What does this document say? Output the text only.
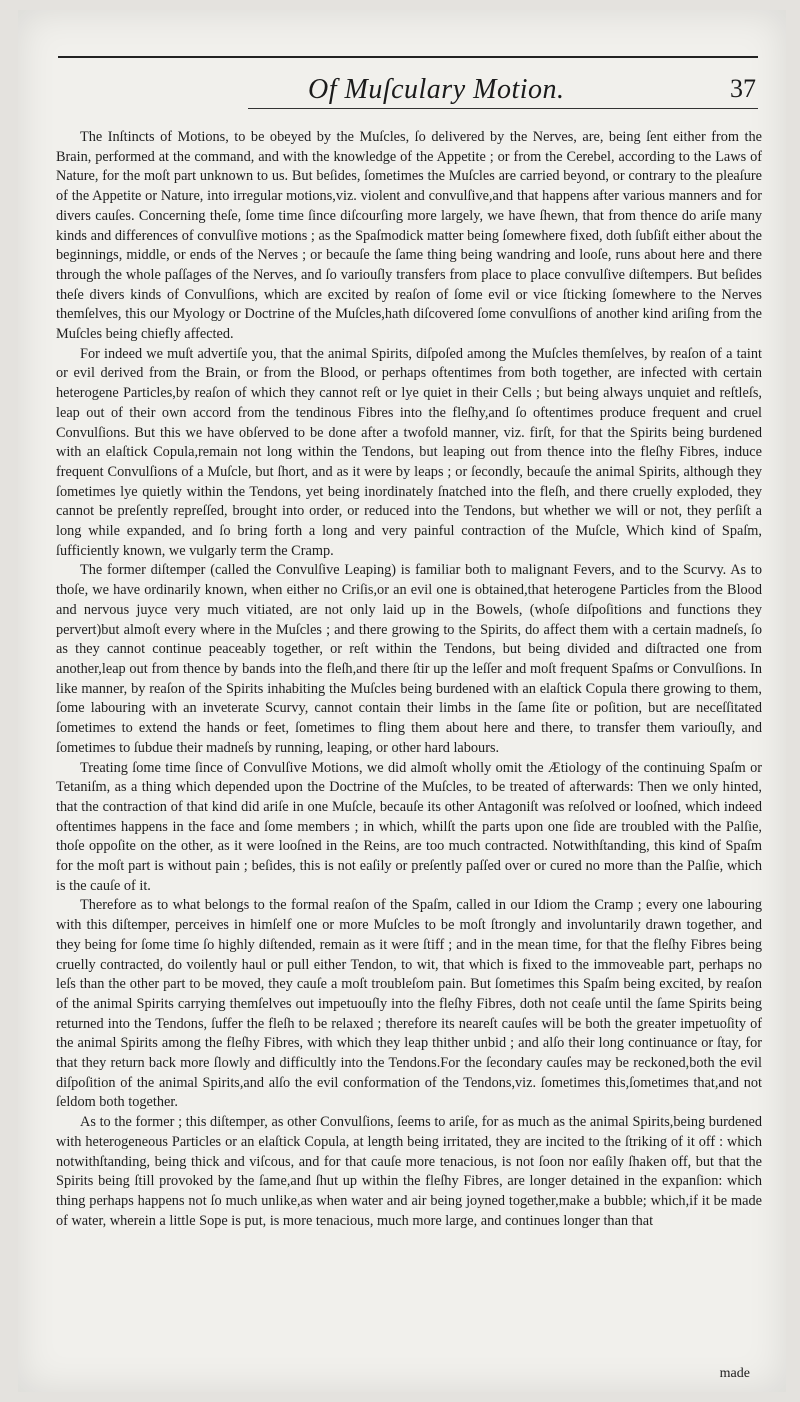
Of Muſculary Motion.	37

The Inſtincts of Motions, to be obeyed by the Muſcles, ſo delivered by the Nerves, are, being ſent either from the Brain, performed at the command, and with the knowledge of the Appetite ; or from the Cerebel, according to the Laws of Nature, for the moſt part unknown to us. But beſides, ſometimes the Muſcles are carried beyond, or contrary to the pleaſure of the Appetite or Nature, into irregular motions,viz. violent and convulſive,and that happens after various manners and for divers cauſes. Concerning theſe, ſome time ſince diſcourſing more largely, we have ſhewn, that from thence do ariſe many kinds and differences of convulſive motions ; as the Spaſmodick matter being ſomewhere fixed, doth ſubſiſt either about the beginnings, middle, or ends of the Nerves ; or becauſe the ſame thing being wandring and looſe, runs about here and there through the whole paſſages of the Nerves, and ſo variouſly transfers from place to place convulſive diſtempers. But beſides theſe divers kinds of Convulſions, which are excited by reaſon of ſome evil or vice ſticking ſomewhere to the Nerves themſelves, this our Myology or Doctrine of the Muſcles,hath diſcovered ſome convulſions of another kind ariſing from the Muſcles being chiefly affected.

For indeed we muſt advertiſe you, that the animal Spirits, diſpoſed among the Muſcles themſelves, by reaſon of a taint or evil derived from the Brain, or from the Blood, or perhaps oftentimes from both together, are infected with certain heterogene Particles,by reaſon of which they cannot reſt or lye quiet in their Cells ; but being always unquiet and reſtleſs, leap out of their own accord from the tendinous Fibres into the fleſhy,and ſo oftentimes produce frequent and cruel Convulſions. But this we have obſerved to be done after a twofold manner, viz. firſt, for that the Spirits being burdened with an elaſtick Copula,remain not long within the Tendons, but leaping out from thence into the fleſhy Fibres, induce frequent Convulſions of a Muſcle, but ſhort, and as it were by leaps ; or ſecondly, becauſe the animal Spirits, although they ſometimes lye quietly within the Tendons, yet being inordinately ſnatched into the fleſh, and there cruelly exploded, they cannot be preſently repreſſed, brought into order, or reduced into the Tendons, but whether we will or not, they perſiſt a long while expanded, and ſo bring forth a long and very painful contraction of the Muſcle, Which kind of Spaſm, ſufficiently known, we vulgarly term the Cramp.

The former diſtemper (called the Convulſive Leaping) is familiar both to malignant Fevers, and to the Scurvy. As to thoſe, we have ordinarily known, when either no Criſis,or an evil one is obtained,that heterogene Particles from the Blood and nervous juyce very much vitiated, are not only laid up in the Bowels, (whoſe diſpoſitions and functions they pervert)but almoſt every where in the Muſcles ; and there growing to the Spirits, do affect them with a certain madneſs, ſo as they cannot continue peaceably together, or reſt within the Tendons, but being divided and diſtracted one from another,leap out from thence by bands into the fleſh,and there ſtir up the leſſer and moſt frequent Spaſms or Convulſions. In like manner, by reaſon of the Spirits inhabiting the Muſcles being burdened with an elaſtick Copula there growing to them, ſome labouring with an inveterate Scurvy, cannot contain their limbs in the ſame ſite or poſition, but are neceſſitated ſometimes to extend the hands or feet, ſometimes to fling them about here and there, to transfer them variouſly, and ſometimes to ſubdue their madneſs by running, leaping, or other hard labours.

Treating ſome time ſince of Convulſive Motions, we did almoſt wholly omit the Ætiology of the continuing Spaſm or Tetaniſm, as a thing which depended upon the Doctrine of the Muſcles, to be treated of afterwards: Then we only hinted, that the contraction of that kind did ariſe in one Muſcle, becauſe its other Antagoniſt was reſolved or looſned, which indeed oftentimes happens in the face and ſome members ; in which, whilſt the parts upon one ſide are troubled with the Palſie, thoſe oppoſite on the other, as it were looſned in the Reins, are too much contracted. Notwithſtanding, this kind of Spaſm for the moſt part is without pain ; beſides, this is not eaſily or preſently paſſed over or cured no more than the Palſie, which is the cauſe of it.

Therefore as to what belongs to the formal reaſon of the Spaſm, called in our Idiom the Cramp ; every one labouring with this diſtemper, perceives in himſelf one or more Muſcles to be moſt ſtrongly and involuntarily drawn together, and they being for ſome time ſo highly diſtended, remain as it were ſtiff ; and in the mean time, for that the fleſhy Fibres being cruelly contracted, do voilently haul or pull either Tendon, to wit, that which is fixed to the immoveable part, perhaps no leſs than the other part to be moved, they cauſe a moſt troubleſom pain. But ſometimes this Spaſm being excited, by reaſon of the animal Spirits carrying themſelves out impetuouſly into the fleſhy Fibres, doth not ceaſe until the ſame Spirits being returned into the Tendons, ſuffer the fleſh to be relaxed ; therefore its neareſt cauſes will be both the greater impetuoſity of the animal Spirits among the fleſhy Fibres, with which they leap thither unbid ; and alſo their long continuance or ſtay, for that they return back more ſlowly and difficultly into the Tendons.For the ſecondary cauſes may be reckoned,both the evil diſpoſition of the animal Spirits,and alſo the evil conformation of the Tendons,viz. ſometimes this,ſometimes that,and not ſeldom both together.

As to the former ; this diſtemper, as other Convulſions, ſeems to ariſe, for as much as the animal Spirits,being burdened with heterogeneous Particles or an elaſtick Copula, at length being irritated, they are incited to the ſtriking of it off : which notwithſtanding, being thick and viſcous, and for that cauſe more tenacious, is not ſoon nor eaſily ſhaken off, but that the Spirits being ſtill provoked by the ſame,and ſhut up within the fleſhy Fibres, are longer detained in the expanſion: which thing perhaps happens not ſo much unlike,as when water and air being joyned together,make a bubble; which,if it be made of water, wherein a little Sope is put, is more tenacious, much more large, and continues longer than that

made
